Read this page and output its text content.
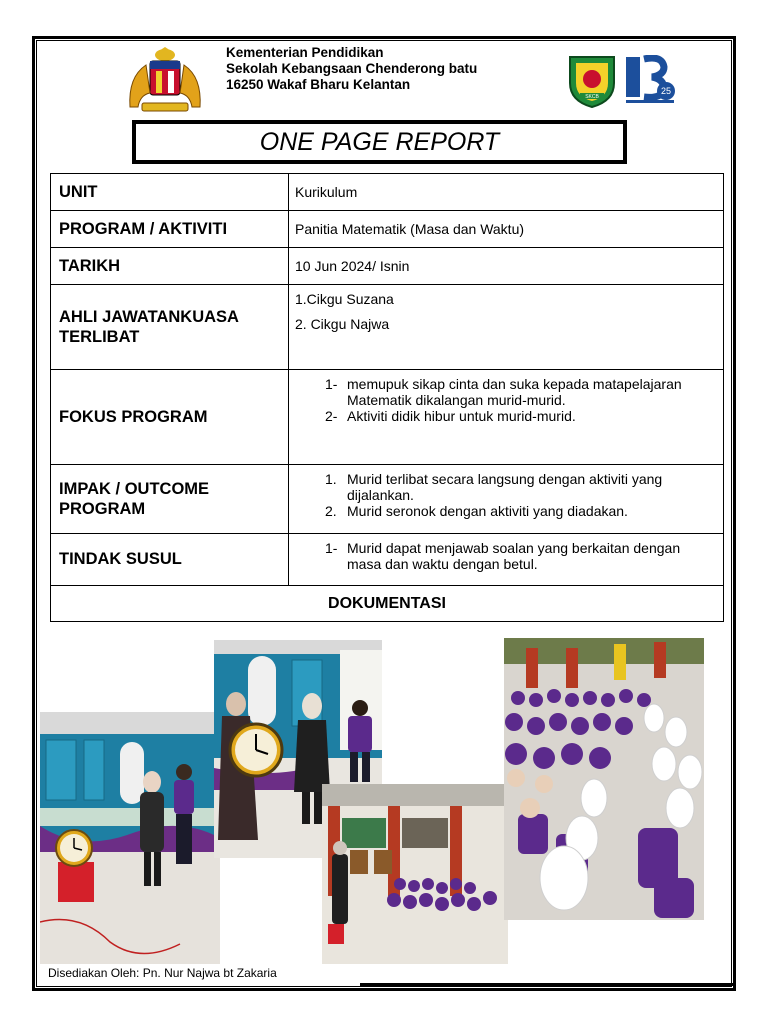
Kementerian Pendidikan
Sekolah Kebangsaan Chenderong batu
16250 Wakaf Bharu Kelantan
SKCB
25
ONE PAGE REPORT
UNIT	Kurikulum
PROGRAM / AKTIVITI	Panitia Matematik (Masa dan Waktu)
TARIKH	10 Jun 2024/ Isnin
AHLI JAWATANKUASA TERLIBAT	1.Cikgu Suzana
2. Cikgu Najwa

FOKUS PROGRAM	1- memupuk sikap cinta dan suka kepada matapelajaran Matematik dikalangan murid-murid.
2- Aktiviti didik hibur untuk murid-murid.

IMPAK / OUTCOME PROGRAM	1. Murid terlibat secara langsung dengan aktiviti yang dijalankan.
2. Murid seronok dengan aktiviti yang diadakan.

TINDAK SUSUL	1- Murid dapat menjawab soalan yang berkaitan dengan masa dan waktu dengan betul.

DOKUMENTASI	
Disediakan Oleh: Pn. Nur Najwa bt Zakaria
